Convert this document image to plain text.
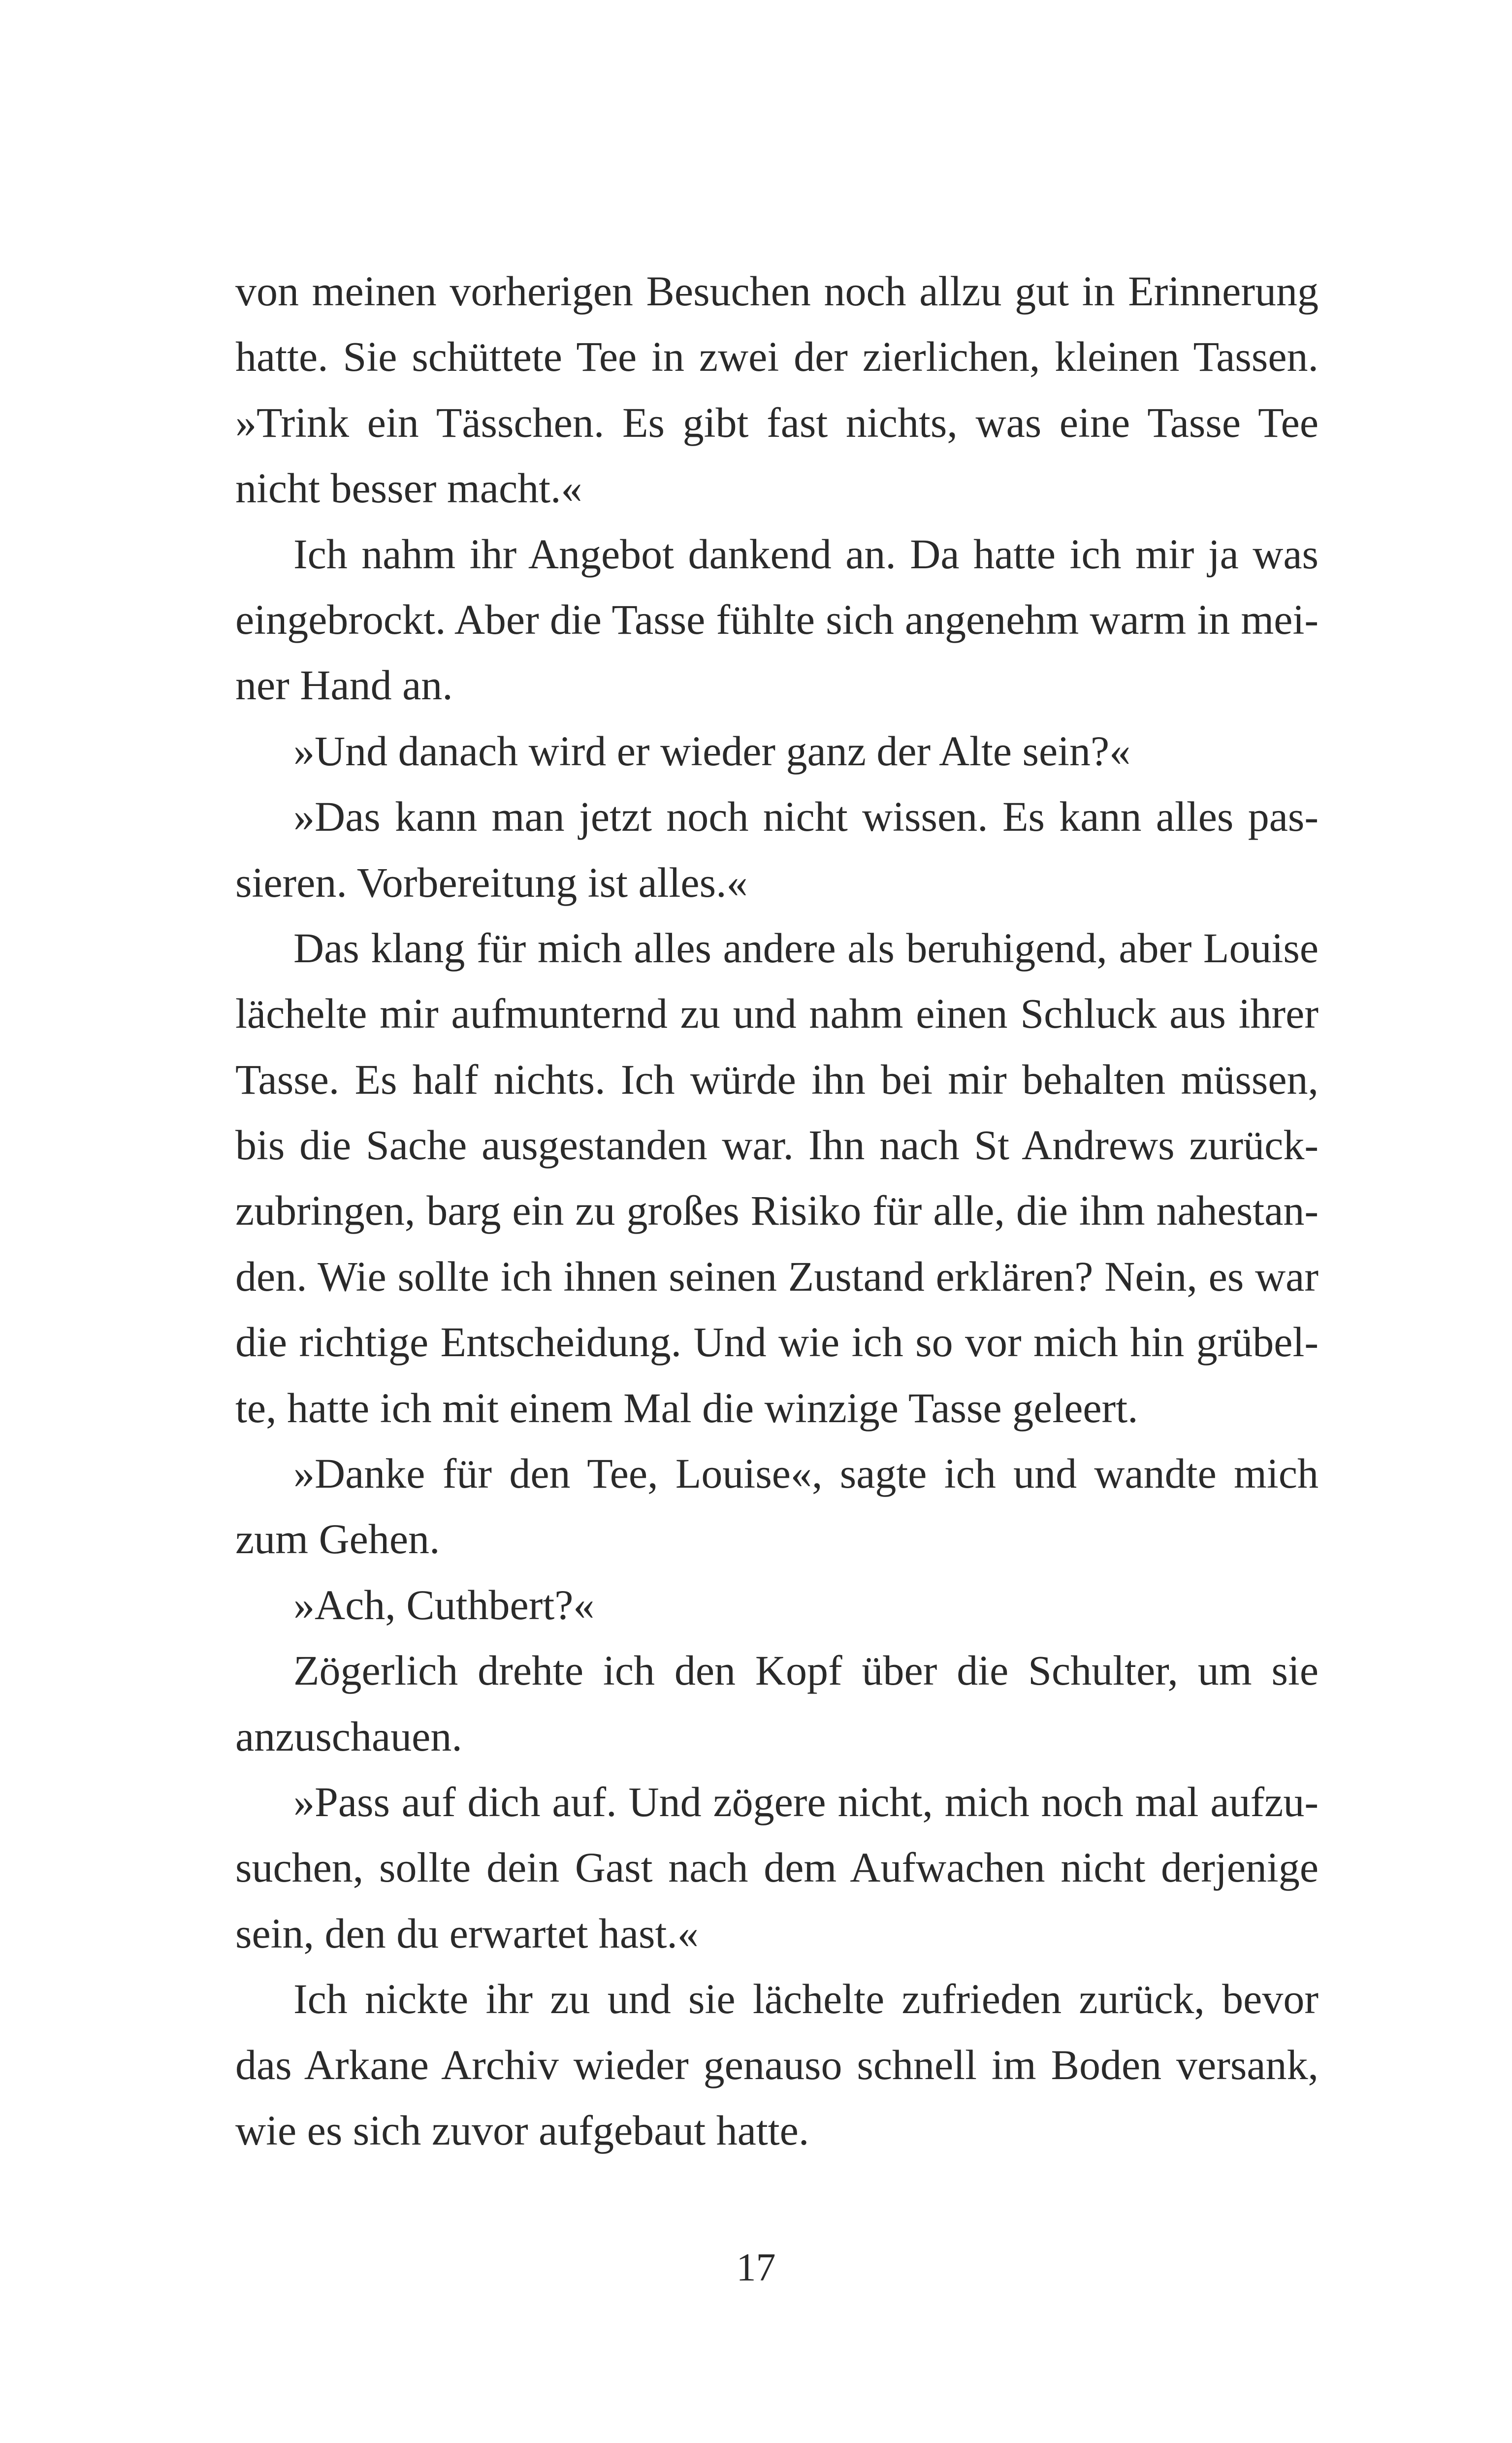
von meinen vorherigen Besuchen noch allzu gut in Erinnerung
hatte. Sie schüttete Tee in zwei der zierlichen, kleinen Tassen.
»Trink ein Tässchen. Es gibt fast nichts, was eine Tasse Tee
nicht besser macht.«
Ich nahm ihr Angebot dankend an. Da hatte ich mir ja was
eingebrockt. Aber die Tasse fühlte sich angenehm warm in mei-
ner Hand an.
»Und danach wird er wieder ganz der Alte sein?«
»Das kann man jetzt noch nicht wissen. Es kann alles pas-
sieren. Vorbereitung ist alles.«
Das klang für mich alles andere als beruhigend, aber Louise
lächelte mir aufmunternd zu und nahm einen Schluck aus ihrer
Tasse. Es half nichts. Ich würde ihn bei mir behalten müssen,
bis die Sache ausgestanden war. Ihn nach St Andrews zurück-
zubringen, barg ein zu großes Risiko für alle, die ihm nahestan-
den. Wie sollte ich ihnen seinen Zustand erklären? Nein, es war
die richtige Entscheidung. Und wie ich so vor mich hin grübel-
te, hatte ich mit einem Mal die winzige Tasse geleert.
»Danke für den Tee, Louise«, sagte ich und wandte mich
zum Gehen.
»Ach, Cuthbert?«
Zögerlich drehte ich den Kopf über die Schulter, um sie
anzuschauen.
»Pass auf dich auf. Und zögere nicht, mich noch mal aufzu-
suchen, sollte dein Gast nach dem Aufwachen nicht derjenige
sein, den du erwartet hast.«
Ich nickte ihr zu und sie lächelte zufrieden zurück, bevor
das Arkane Archiv wieder genauso schnell im Boden versank,
wie es sich zuvor aufgebaut hatte.
17
